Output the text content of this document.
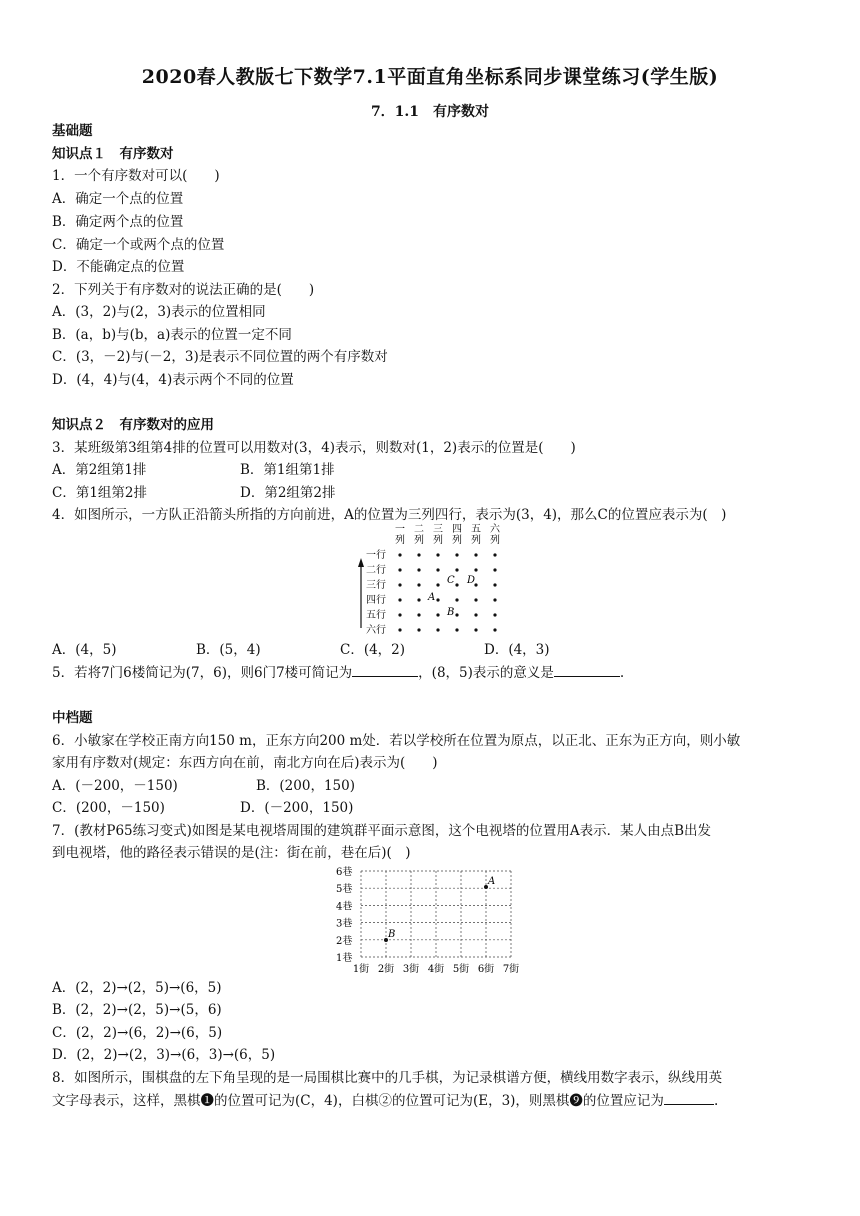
2020春人教版七下数学7.1平面直角坐标系同步课堂练习(学生版)
7．1.1　有序数对
基础题
知识点１　有序数对
1．一个有序数对可以(　　)
A．确定一个点的位置
B．确定两个点的位置
C．确定一个或两个点的位置
D．不能确定点的位置
2．下列关于有序数对的说法正确的是(　　)
A．(3，2)与(2，3)表示的位置相同
B．(a，b)与(b，a)表示的位置一定不同
C．(3，－2)与(－2，3)是表示不同位置的两个有序数对
D．(4，4)与(4，4)表示两个不同的位置
知识点２　有序数对的应用
3．某班级第3组第4排的位置可以用数对(3，4)表示，则数对(1，2)表示的位置是(　　)
A．第2组第1排	B．第1组第1排
C．第1组第2排	D．第2组第2排
4．如图所示，一方队正沿箭头所指的方向前进，A的位置为三列四行，表示为(3，4)，那么C的位置应表示为(　)
一
列
二
列
三
列
四
列
五
列
六
列
一行
二行
三行
四行
五行
六行
A
B
C D
A．(4，5)	B．(5，4)	C．(4，2)	D．(4，3)
5．若将7门6楼简记为(7，6)，则6门7楼可简记为	，(8，5)表示的意义是	.
中档题
6．小敏家在学校正南方向150 m，正东方向200 m处．若以学校所在位置为原点，以正北、正东为正方向，则小敏
家用有序数对(规定：东西方向在前，南北方向在后)表示为(　　)
A．(－200，－150)	B．(200，150)
C．(200，－150)	D．(－200，150)
7．(教材P65练习变式)如图是某电视塔周围的建筑群平面示意图，这个电视塔的位置用A表示．某人由点B出发
到电视塔，他的路径表示错误的是(注：街在前，巷在后)(　)
1巷
2巷
3巷
4巷
5巷
6巷
1街 2街 3街 4街 5街 6街 7街
A
B
A．(2，2)→(2，5)→(6，5)
B．(2，2)→(2，5)→(5，6)
C．(2，2)→(6，2)→(6，5)
D．(2，2)→(2，3)→(6，3)→(6，5)
8．如图所示，围棋盘的左下角呈现的是一局围棋比赛中的几手棋，为记录棋谱方便，横线用数字表示，纵线用英
文字母表示，这样，黑棋❶的位置可记为(C，4)，白棋②的位置可记为(E，3)，则黑棋❾的位置应记为	.
